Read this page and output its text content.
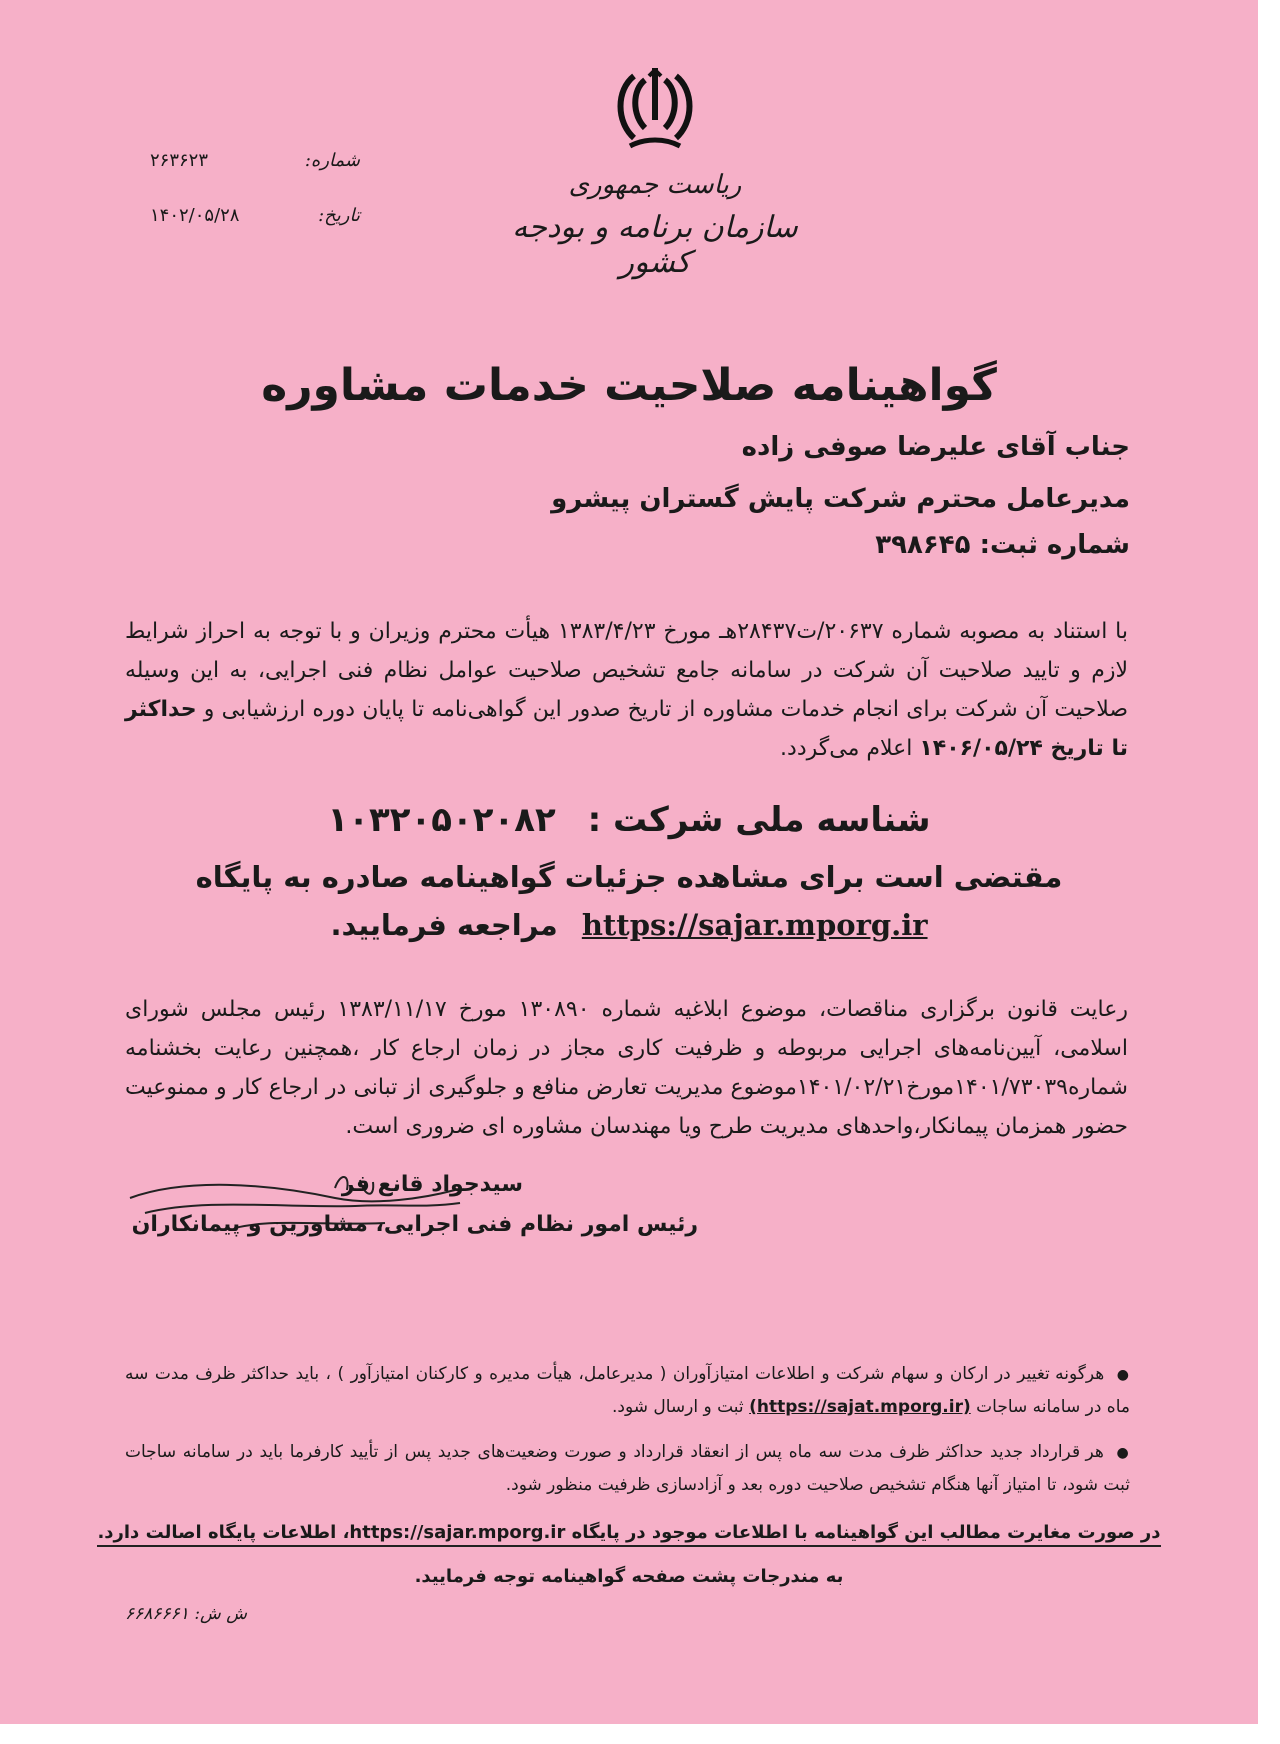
ریاست جمهوری
سازمان برنامه و بودجه کشور
شماره:
۲۶۳۶۲۳
تاریخ:
۱۴۰۲/۰۵/۲۸
گواهینامه صلاحیت خدمات مشاوره
جناب آقای علیرضا صوفی زاده
مدیرعامل محترم شرکت پایش گستران پیشرو
شماره ثبت: ۳۹۸۶۴۵
با استناد به مصوبه شماره ۲۰۶۳۷/ت۲۸۴۳۷هـ مورخ ۱۳۸۳/۴/۲۳ هیأت محترم وزیران و با توجه به احراز شرایط لازم و تایید صلاحیت آن شرکت در سامانه جامع تشخیص صلاحیت عوامل نظام فنی اجرایی، به این وسیله صلاحیت آن شرکت برای انجام خدمات مشاوره از تاریخ صدور این گواهی‌نامه تا پایان دوره ارزشیابی و حداکثر تا تاریخ ۱۴۰۶/۰۵/۲۴ اعلام می‌گردد.
شناسه ملی شرکت : ۱۰۳۲۰۵۰۲۰۸۲
مقتضی است برای مشاهده جزئیات گواهینامه صادره به پایگاه
https://sajar.mporg.ir مراجعه فرمایید.
رعایت قانون برگزاری مناقصات، موضوع ابلاغیه شماره ۱۳۰۸۹۰ مورخ ۱۳۸۳/۱۱/۱۷ رئیس مجلس شورای اسلامی، آیین‌نامه‌های اجرایی مربوطه و ظرفیت کاری مجاز در زمان ارجاع کار ،همچنین رعایت بخشنامه شماره۱۴۰۱/۷۳۰۳۹مورخ۱۴۰۱/۰۲/۲۱موضوع مدیریت تعارض منافع و جلوگیری از تبانی در ارجاع کار و ممنوعیت حضور همزمان پیمانکار،واحدهای مدیریت طرح ویا مهندسان مشاوره ای ضروری است.
سیدجواد قانع فر
رئیس امور نظام فنی اجرایی، مشاورین و پیمانکاران
● هرگونه تغییر در ارکان و سهام شرکت و اطلاعات امتیازآوران ( مدیرعامل، هیأت مدیره و کارکنان امتیازآور ) ، باید حداکثر ظرف مدت سه ماه در سامانه ساجات (https://sajat.mporg.ir) ثبت و ارسال شود.
● هر قرارداد جدید حداکثر ظرف مدت سه ماه پس از انعقاد قرارداد و صورت وضعیت‌های جدید پس از تأیید کارفرما باید در سامانه ساجات ثبت شود، تا امتیاز آنها هنگام تشخیص صلاحیت دوره بعد و آزادسازی ظرفیت منظور شود.
در صورت مغایرت مطالب این گواهینامه با اطلاعات موجود در پایگاه https://sajar.mporg.ir، اطلاعات پایگاه اصالت دارد.
به مندرجات پشت صفحه گواهینامه توجه فرمایید.
ش ش: ۶۶۸۶۶۶۱
